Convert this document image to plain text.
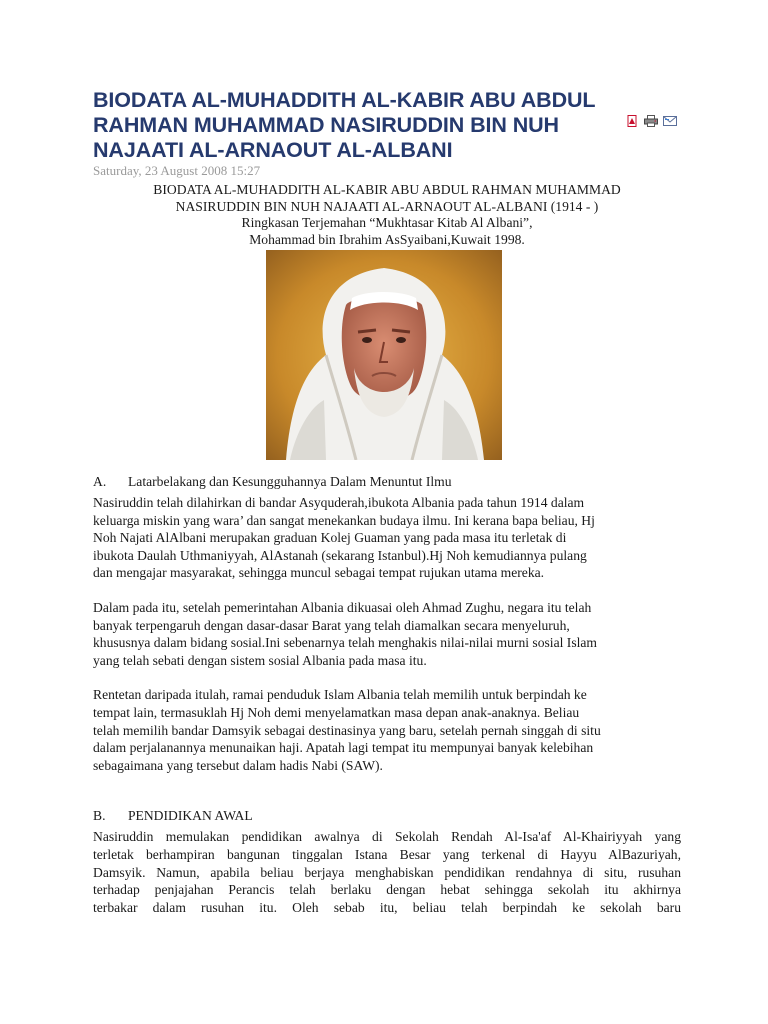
BIODATA AL-MUHADDITH AL-KABIR ABU ABDUL
RAHMAN MUHAMMAD NASIRUDDIN BIN NUH
NAJAATI AL-ARNAOUT AL-ALBANI
Saturday, 23 August 2008 15:27
BIODATA AL-MUHADDITH AL-KABIR ABU ABDUL RAHMAN MUHAMMAD
NASIRUDDIN BIN NUH NAJAATI AL-ARNAOUT AL-ALBANI (1914 - )
Ringkasan Terjemahan “Mukhtasar Kitab Al Albani”,
Mohammad bin Ibrahim AsSyaibani,Kuwait 1998.
A. Latarbelakang dan Kesungguhannya Dalam Menuntut Ilmu
Nasiruddin telah dilahirkan di bandar Asyquderah,ibukota Albania pada tahun 1914 dalam
keluarga miskin yang wara’ dan sangat menekankan budaya ilmu. Ini kerana bapa beliau, Hj
Noh Najati AlAlbani merupakan graduan Kolej Guaman yang pada masa itu terletak di
ibukota Daulah Uthmaniyyah, AlAstanah (sekarang Istanbul).Hj Noh kemudiannya pulang
dan mengajar masyarakat, sehingga muncul sebagai tempat rujukan utama mereka.
Dalam pada itu, setelah pemerintahan Albania dikuasai oleh Ahmad Zughu, negara itu telah
banyak terpengaruh dengan dasar-dasar Barat yang telah diamalkan secara menyeluruh,
khususnya dalam bidang sosial.Ini sebenarnya telah menghakis nilai-nilai murni sosial Islam
yang telah sebati dengan sistem sosial Albania pada masa itu.
Rentetan daripada itulah, ramai penduduk Islam Albania telah memilih untuk berpindah ke
tempat lain, termasuklah Hj Noh demi menyelamatkan masa depan anak-anaknya. Beliau
telah memilih bandar Damsyik sebagai destinasinya yang baru, setelah pernah singgah di situ
dalam perjalanannya menunaikan haji. Apatah lagi tempat itu mempunyai banyak kelebihan
sebagaimana yang tersebut dalam hadis Nabi (SAW).
B. PENDIDIKAN AWAL
Nasiruddin memulakan pendidikan awalnya di Sekolah Rendah Al-Isa'af Al-Khairiyyah yang
terletak berhampiran bangunan tinggalan Istana Besar yang terkenal di Hayyu AlBazuriyah,
Damsyik. Namun, apabila beliau berjaya menghabiskan pendidikan rendahnya di situ, rusuhan
terhadap penjajahan Perancis telah berlaku dengan hebat sehingga sekolah itu akhirnya
terbakar dalam rusuhan itu. Oleh sebab itu, beliau telah berpindah ke sekolah baru
